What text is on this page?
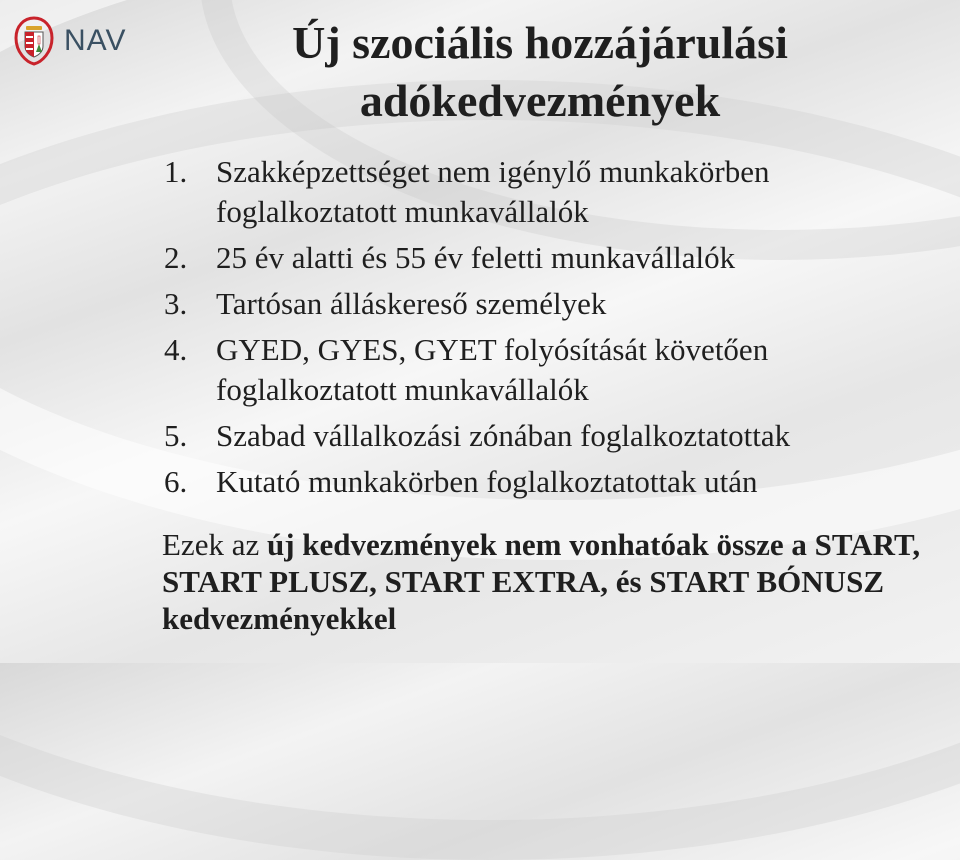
NAV	Új szociális hozzájárulási
adókedvezmények
1. Szakképzettséget nem igénylő munkakörben foglalkoztatott munkavállalók
2. 25 év alatti és 55 év feletti munkavállalók
3. Tartósan álláskereső személyek
4. GYED, GYES, GYET folyósítását követően foglalkoztatott munkavállalók
5. Szabad vállalkozási zónában foglalkoztatottak
6. Kutató munkakörben foglalkoztatottak után

Ezek az új kedvezmények nem vonhatóak össze a START, START PLUSZ, START EXTRA, és START BÓNUSZ kedvezményekkel
